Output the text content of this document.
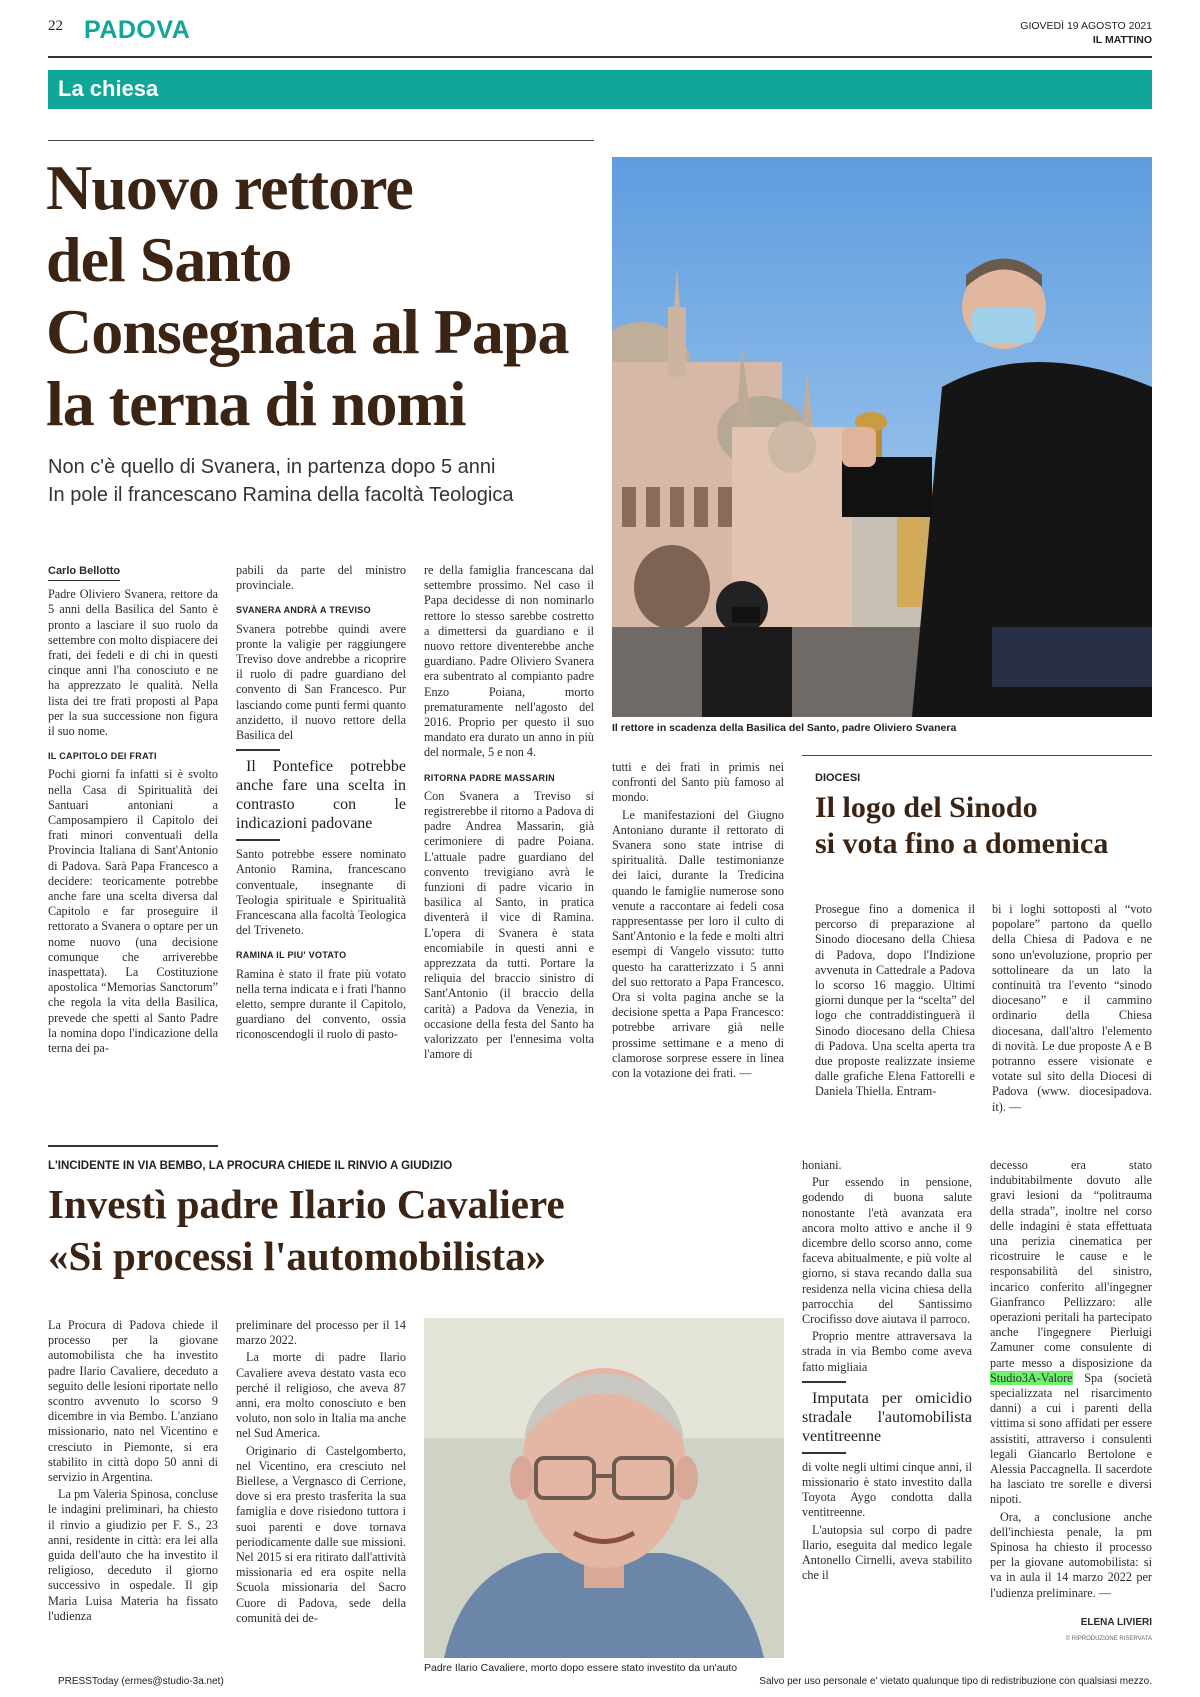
22 PADOVA	GIOVEDÌ 19 AGOSTO 2021
IL MATTINO
La chiesa
Nuovo rettore
del Santo
Consegnata al Papa
la terna di nomi
Non c'è quello di Svanera, in partenza dopo 5 anni
In pole il francescano Ramina della facoltà Teologica
Il rettore in scadenza della Basilica del Santo, padre Oliviero Svanera
Carlo Bellotto

Padre Oliviero Svanera, rettore da 5 anni della Basilica del Santo è pronto a lasciare il suo ruolo da settembre con molto dispiacere dei frati, dei fedeli e di chi in questi cinque anni l'ha conosciuto e ne ha apprezzato le qualità. Nella lista dei tre frati proposti al Papa per la sua successione non figura il suo nome.

IL CAPITOLO DEI FRATI

Pochi giorni fa infatti si è svolto nella Casa di Spiritualità dei Santuari antoniani a Camposampiero il Capitolo dei frati minori conventuali della Provincia Italiana di Sant'Antonio di Padova. Sarà Papa Francesco a decidere: teoricamente potrebbe anche fare una scelta diversa dal Capitolo e far proseguire il rettorato a Svanera o optare per un nome nuovo (una decisione comunque che arriverebbe inaspettata). La Costituzione apostolica “Memorias Sanctorum” che regola la vita della Basilica, prevede che spetti al Santo Padre la nomina dopo l'indicazione della terna dei pa-

pabili da parte del ministro provinciale.

SVANERA ANDRÀ A TREVISO

Svanera potrebbe quindi avere pronte la valigie per raggiungere Treviso dove andrebbe a ricoprire il ruolo di padre guardiano del convento di San Francesco. Pur lasciando come punti fermi quanto anzidetto, il nuovo rettore della Basilica del

Il Pontefice potrebbe anche fare una scelta in contrasto con le indicazioni padovane

Santo potrebbe essere nominato Antonio Ramina, francescano conventuale, insegnante di Teologia spirituale e Spiritualità Francescana alla facoltà Teologica del Triveneto.

RAMINA IL PIU' VOTATO

Ramina è stato il frate più votato nella terna indicata e i frati l'hanno eletto, sempre durante il Capitolo, guardiano del convento, ossia riconoscendogli il ruolo di pasto-

re della famiglia francescana dal settembre prossimo. Nel caso il Papa decidesse di non nominarlo rettore lo stesso sarebbe costretto a dimettersi da guardiano e il nuovo rettore diventerebbe anche guardiano. Padre Oliviero Svanera era subentrato al compianto padre Enzo Poiana, morto prematuramente nell'agosto del 2016. Proprio per questo il suo mandato era durato un anno in più del normale, 5 e non 4.

RITORNA PADRE MASSARIN

Con Svanera a Treviso si registrerebbe il ritorno a Padova di padre Andrea Massarin, già cerimoniere di padre Poiana. L'attuale padre guardiano del convento trevigiano avrà le funzioni di padre vicario in basilica al Santo, in pratica diventerà il vice di Ramina. L'opera di Svanera è stata encomiabile in questi anni e apprezzata da tutti. Portare la reliquia del braccio sinistro di Sant'Antonio (il braccio della carità) a Padova da Venezia, in occasione della festa del Santo ha valorizzato per l'ennesima volta l'amore di

tutti e dei frati in primis nei confronti del Santo più famoso al mondo.

Le manifestazioni del Giugno Antoniano durante il rettorato di Svanera sono state intrise di spiritualità. Dalle testimonianze dei laici, durante la Tredicina quando le famiglie numerose sono venute a raccontare ai fedeli cosa rappresentasse per loro il culto di Sant'Antonio e la fede e molti altri esempi di Vangelo vissuto: tutto questo ha caratterizzato i 5 anni del suo rettorato a Papa Francesco. Ora si volta pagina anche se la decisione spetta a Papa Francesco: potrebbe arrivare già nelle prossime settimane e a meno di clamorose sorprese essere in linea con la votazione dei frati. —

DIOCESI
Il logo del Sinodo
si vota fino a domenica

Prosegue fino a domenica il percorso di preparazione al Sinodo diocesano della Chiesa di Padova, dopo l'Indizione avvenuta in Cattedrale a Padova lo scorso 16 maggio. Ultimi giorni dunque per la “scelta” del logo che contraddistinguerà il Sinodo diocesano della Chiesa di Padova. Una scelta aperta tra due proposte realizzate insieme dalle grafiche Elena Fattorelli e Daniela Thiella. Entram-

bi i loghi sottoposti al “voto popolare” partono da quello della Chiesa di Padova e ne sono un'evoluzione, proprio per sottolineare da un lato la continuità tra l'evento “sinodo diocesano” e il cammino ordinario della Chiesa diocesana, dall'altro l'elemento di novità. Le due proposte A e B potranno essere visionate e votate sul sito della Diocesi di Padova (www. diocesipadova. it). —

L'INCIDENTE IN VIA BEMBO, LA PROCURA CHIEDE IL RINVIO A GIUDIZIO
Investì padre Ilario Cavaliere
«Si processi l'automobilista»

La Procura di Padova chiede il processo per la giovane automobilista che ha investito padre Ilario Cavaliere, deceduto a seguito delle lesioni riportate nello scontro avvenuto lo scorso 9 dicembre in via Bembo. L'anziano missionario, nato nel Vicentino e cresciuto in Piemonte, si era stabilito in città dopo 50 anni di servizio in Argentina.

La pm Valeria Spinosa, concluse le indagini preliminari, ha chiesto il rinvio a giudizio per F. S., 23 anni, residente in città: era lei alla guida dell'auto che ha investito il religioso, deceduto il giorno successivo in ospedale. Il gip Maria Luisa Materia ha fissato l'udienza

preliminare del processo per il 14 marzo 2022.

La morte di padre Ilario Cavaliere aveva destato vasta eco perché il religioso, che aveva 87 anni, era molto conosciuto e ben voluto, non solo in Italia ma anche nel Sud America.

Originario di Castelgomberto, nel Vicentino, era cresciuto nel Biellese, a Vergnasco di Cerrione, dove si era presto trasferita la sua famiglia e dove risiedono tuttora i suoi parenti e dove tornava periodicamente dalle sue missioni. Nel 2015 si era ritirato dall'attività missionaria ed era ospite nella Scuola missionaria del Sacro Cuore di Padova, sede della comunità dei de-

Padre Ilario Cavaliere, morto dopo essere stato investito da un'auto

honiani.

Pur essendo in pensione, godendo di buona salute nonostante l'età avanzata era ancora molto attivo e anche il 9 dicembre dello scorso anno, come faceva abitualmente, e più volte al giorno, si stava recando dalla sua residenza nella vicina chiesa della parrocchia del Santissimo Crocifisso dove aiutava il parroco.

Proprio mentre attraversava la strada in via Bembo come aveva fatto migliaia

Imputata per omicidio stradale l'automobilista ventitreenne

di volte negli ultimi cinque anni, il missionario è stato investito dalla Toyota Aygo condotta dalla ventitreenne.

L'autopsia sul corpo di padre Ilario, eseguita dal medico legale Antonello Cirnelli, aveva stabilito che il

decesso era stato indubitabilmente dovuto alle gravi lesioni da “politrauma della strada”, inoltre nel corso delle indagini è stata effettuata una perizia cinematica per ricostruire le cause e le responsabilità del sinistro, incarico conferito all'ingegner Gianfranco Pellizzaro: alle operazioni peritali ha partecipato anche l'ingegnere Pierluigi Zamuner come consulente di parte messo a disposizione da Studio3A-Valore Spa (società specializzata nel risarcimento danni) a cui i parenti della vittima si sono affidati per essere assistiti, attraverso i consulenti legali Giancarlo Bertolone e Alessia Paccagnella. Il sacerdote ha lasciato tre sorelle e diversi nipoti.

Ora, a conclusione anche dell'inchiesta penale, la pm Spinosa ha chiesto il processo per la giovane automobilista: si va in aula il 14 marzo 2022 per l'udienza preliminare. —

ELENA LIVIERI
© RIPRODUZIONE RISERVATA
PRESSToday (ermes@studio-3a.net)	Salvo per uso personale e' vietato qualunque tipo di redistribuzione con qualsiasi mezzo.
